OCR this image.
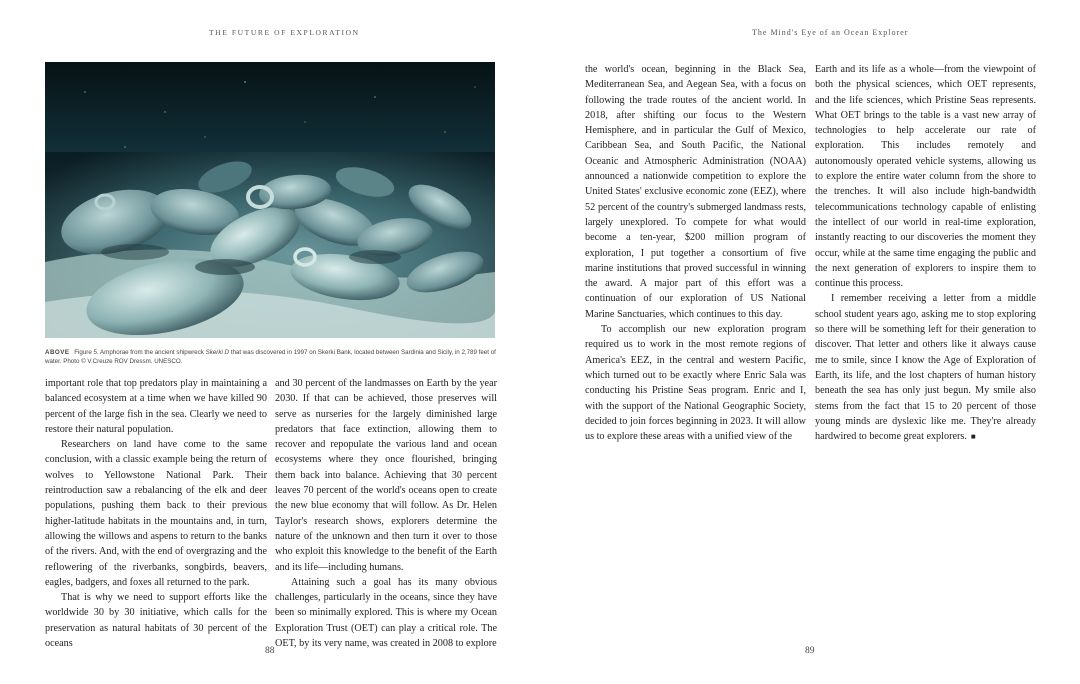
THE FUTURE OF EXPLORATION	The Mind's Eye of an Ocean Explorer
ABOVE Figure 5. Amphorae from the ancient shipwreck Skerki D that was discovered in 1997 on Skerki Bank, located between Sardinia and Sicily, in 2,789 feet of water. Photo © V.Creuze ROV Dressm. UNESCO.

important role that top predators play in maintaining a balanced ecosystem at a time when we have killed 90 percent of the large fish in the sea. Clearly we need to restore their natural population.

Researchers on land have come to the same conclusion, with a classic example being the return of wolves to Yellowstone National Park. Their reintroduction saw a rebalancing of the elk and deer populations, pushing them back to their previous higher-latitude habitats in the mountains and, in turn, allowing the willows and aspens to return to the banks of the rivers. And, with the end of overgrazing and the reflowering of the riverbanks, songbirds, beavers, eagles, badgers, and foxes all returned to the park.

That is why we need to support efforts like the worldwide 30 by 30 initiative, which calls for the preservation as natural habitats of 30 percent of the oceans

and 30 percent of the landmasses on Earth by the year 2030. If that can be achieved, those preserves will serve as nurseries for the largely diminished large predators that face extinction, allowing them to recover and repopulate the various land and ocean ecosystems where they once flourished, bringing them back into balance. Achieving that 30 percent leaves 70 percent of the world's oceans open to create the new blue economy that will follow. As Dr. Helen Taylor's research shows, explorers determine the nature of the unknown and then turn it over to those who exploit this knowledge to the benefit of the Earth and its life—including humans.

Attaining such a goal has its many obvious challenges, particularly in the oceans, since they have been so minimally explored. This is where my Ocean Exploration Trust (OET) can play a critical role. The OET, by its very name, was created in 2008 to explore

the world's ocean, beginning in the Black Sea, Mediterranean Sea, and Aegean Sea, with a focus on following the trade routes of the ancient world. In 2018, after shifting our focus to the Western Hemisphere, and in particular the Gulf of Mexico, Caribbean Sea, and South Pacific, the National Oceanic and Atmospheric Administration (NOAA) announced a nationwide competition to explore the United States' exclusive economic zone (EEZ), where 52 percent of the country's submerged landmass rests, largely unexplored. To compete for what would become a ten-year, $200 million program of exploration, I put together a consortium of five marine institutions that proved successful in winning the award. A major part of this effort was a continuation of our exploration of US National Marine Sanctuaries, which continues to this day.

To accomplish our new exploration program required us to work in the most remote regions of America's EEZ, in the central and western Pacific, which turned out to be exactly where Enric Sala was conducting his Pristine Seas program. Enric and I, with the support of the National Geographic Society, decided to join forces beginning in 2023. It will allow us to explore these areas with a unified view of the

Earth and its life as a whole—from the viewpoint of both the physical sciences, which OET represents, and the life sciences, which Pristine Seas represents. What OET brings to the table is a vast new array of technologies to help accelerate our rate of exploration. This includes remotely and autonomously operated vehicle systems, allowing us to explore the entire water column from the shore to the trenches. It will also include high-bandwidth telecommunications technology capable of enlisting the intellect of our world in real-time exploration, instantly reacting to our discoveries the moment they occur, while at the same time engaging the public and the next generation of explorers to inspire them to continue this process.

I remember receiving a letter from a middle school student years ago, asking me to stop exploring so there will be something left for their generation to discover. That letter and others like it always cause me to smile, since I know the Age of Exploration of Earth, its life, and the lost chapters of human history beneath the sea has only just begun. My smile also stems from the fact that 15 to 20 percent of those young minds are dyslexic like me. They're already hardwired to become great explorers. ■

88	89
